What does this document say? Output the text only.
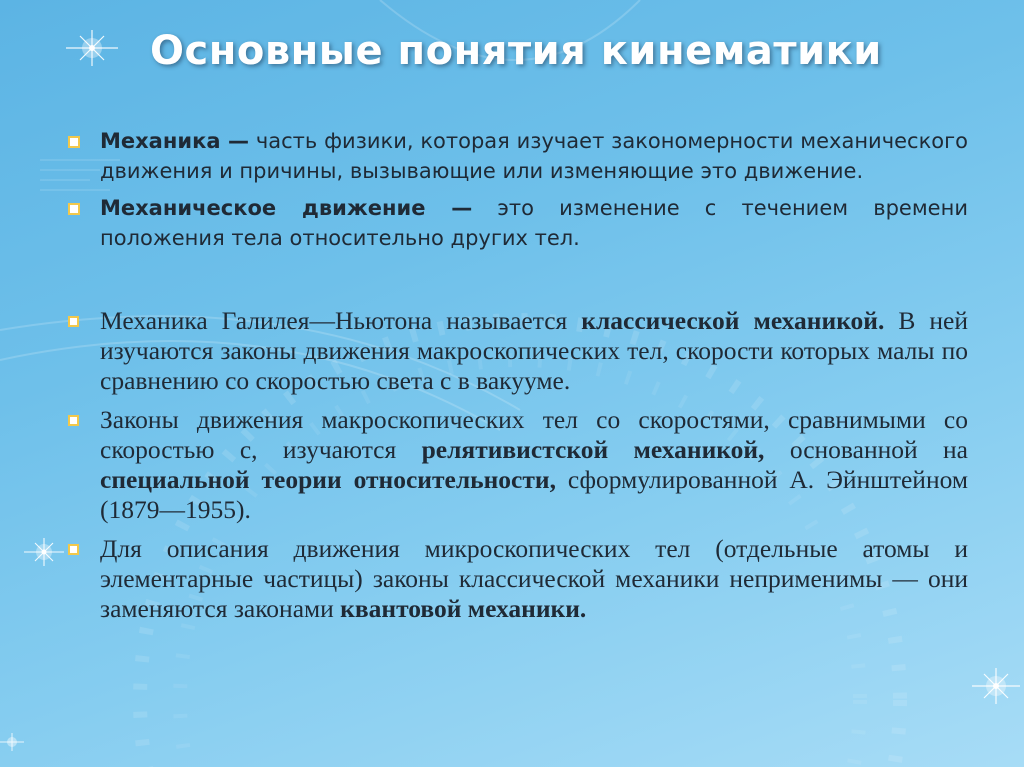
Основные понятия кинематики
Механика — часть физики, которая изучает закономерности механического движения и причины, вызывающие или изменяющие это движение.
Механическое движение — это изменение с течением времени положения тела относительно других тел.
Механика Галилея—Ньютона называется классической механикой. В ней изучаются законы движения макроскопических тел, скорости которых малы по сравнению со скоростью света с в вакууме.
Законы движения макроскопических тел со скоростями, сравнимыми со скоростью с, изучаются релятивистской механикой, основанной на специальной теории относительности, сформулированной А. Эйнштейном (1879—1955).
Для описания движения микроскопических тел (отдельные атомы и элементарные частицы) законы классической механики неприменимы — они заменяются законами квантовой механики.
